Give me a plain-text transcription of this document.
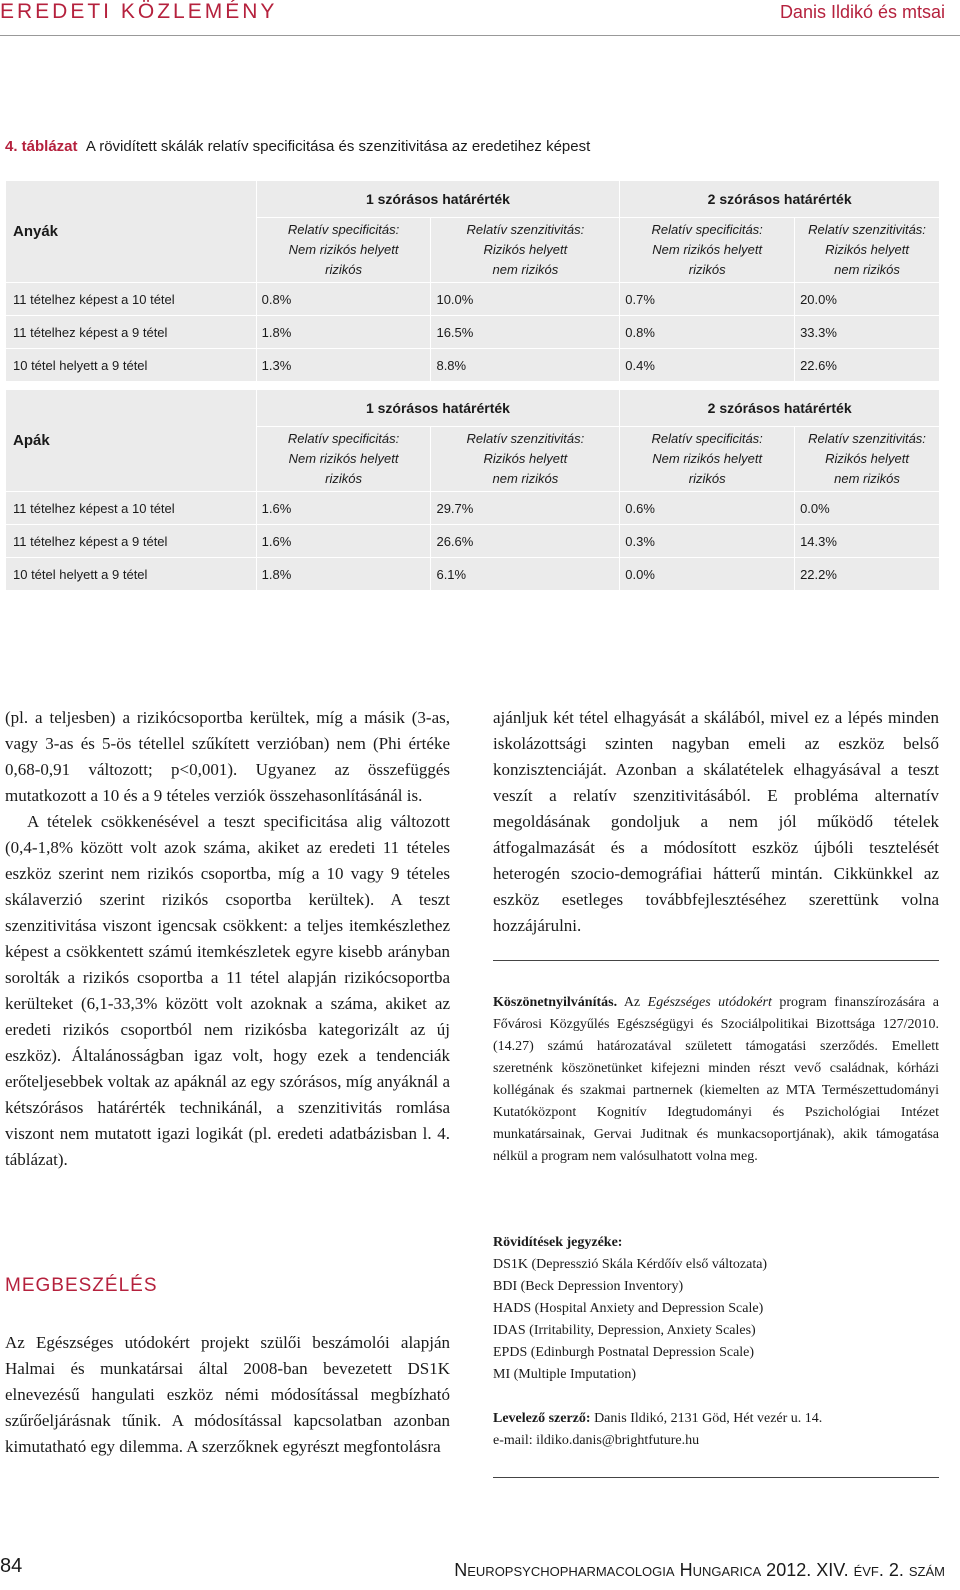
EREDETI KÖZLEMÉNY	Danis Ildikó és mtsai
4. táblázat A rövidített skálák relatív specificitása és szenzitivitása az eredetihez képest
Anyák	1 szórásos határérték		2 szórásos határérték	
	Relatív specificitás:
Nem rizikós helyett
rizikós	Relatív szenzitivitás:
Rizikós helyett
nem rizikós	Relatív specificitás:
Nem rizikós helyett
rizikós	Relatív szenzitivitás:
Rizikós helyett
nem rizikós
11 tételhez képest a 10 tétel	0.8%	10.0%	0.7%	20.0%
11 tételhez képest a 9 tétel	1.8%	16.5%	0.8%	33.3%
10 tétel helyett a 9 tétel	1.3%	8.8%	0.4%	22.6%
Apák	1 szórásos határérték		2 szórásos határérték	
	Relatív specificitás:
Nem rizikós helyett
rizikós	Relatív szenzitivitás:
Rizikós helyett
nem rizikós	Relatív specificitás:
Nem rizikós helyett
rizikós	Relatív szenzitivitás:
Rizikós helyett
nem rizikós
11 tételhez képest a 10 tétel	1.6%	29.7%	0.6%	0.0%
11 tételhez képest a 9 tétel	1.6%	26.6%	0.3%	14.3%
10 tétel helyett a 9 tétel	1.8%	6.1%	0.0%	22.2%

(pl. a teljesben) a rizikócsoportba kerültek, míg a másik (3-as, vagy 3-as és 5-ös tétellel szűkített verzióban) nem (Phi értéke 0,68-0,91 változott; p<0,001). Ugyanez az összefüggés mutatkozott a 10 és a 9 tételes verziók összehasonlításánál is.

A tételek csökkenésével a teszt specificitása alig változott (0,4-1,8% között volt azok száma, akiket az eredeti 11 tételes eszköz szerint nem rizikós csoportba, míg a 10 vagy 9 tételes skálaverzió szerint rizikós csoportba kerültek). A teszt szenzitivitása viszont igencsak csökkent: a teljes itemkészlethez képest a csökkentett számú itemkészletek egyre kisebb arányban sorolták a rizikós csoportba a 11 tétel alapján rizikócsoportba kerülteket (6,1-33,3% között volt azoknak a száma, akiket az eredeti rizikós csoportból nem rizikósba kategorizált az új eszköz). Általánosságban igaz volt, hogy ezek a tendenciák erőteljesebbek voltak az apáknál az egy szórásos, míg anyáknál a kétszórásos határérték technikánál, a szenzitivitás romlása viszont nem mutatott igazi logikát (pl. eredeti adatbázisban l. 4. táblázat).

MEGBESZÉLÉS

Az Egészséges utódokért projekt szülői beszámolói alapján Halmai és munkatársai által 2008-ban bevezetett DS1K elnevezésű hangulati eszköz némi módosítással megbízható szűrőeljárásnak tűnik. A módosítással kapcsolatban azonban kimutatható egy dilemma. A szerzőknek egyrészt megfontolásra

ajánljuk két tétel elhagyását a skálából, mivel ez a lépés minden iskolázottsági szinten nagyban emeli az eszköz belső konzisztenciáját. Azonban a skálatételek elhagyásával a teszt veszít a relatív szenzitivitásából. E probléma alternatív megoldásának gondoljuk a nem jól működő tételek átfogalmazását és a módosított eszköz újbóli tesztelését heterogén szocio-demográfiai hátterű mintán. Cikkünkkel az eszköz esetleges továbbfejlesztéséhez szerettünk volna hozzájárulni.

Köszönetnyilvánítás. Az Egészséges utódokért program finanszírozására a Fővárosi Közgyűlés Egészségügyi és Szociálpolitikai Bizottsága 127/2010. (14.27) számú határozatával született támogatási szerződés. Emellett szeretnénk köszönetünket kifejezni minden részt vevő családnak, kórházi kollégának és szakmai partnernek (kiemelten az MTA Természettudományi Kutatóközpont Kognitív Idegtudományi és Pszichológiai Intézet munkatársainak, Gervai Juditnak és munkacsoportjának), akik támogatása nélkül a program nem valósulhatott volna meg.

Rövidítések jegyzéke:

DS1K (Depresszió Skála Kérdőív első változata)

BDI (Beck Depression Inventory)

HADS (Hospital Anxiety and Depression Scale)

IDAS (Irritability, Depression, Anxiety Scales)

EPDS (Edinburgh Postnatal Depression Scale)

MI (Multiple Imputation)

Levelező szerző: Danis Ildikó, 2131 Göd, Hét vezér u. 14.

e-mail: ildiko.danis@brightfuture.hu

84	Neuropsychopharmacologia Hungarica 2012. XIV. évf. 2. szám
